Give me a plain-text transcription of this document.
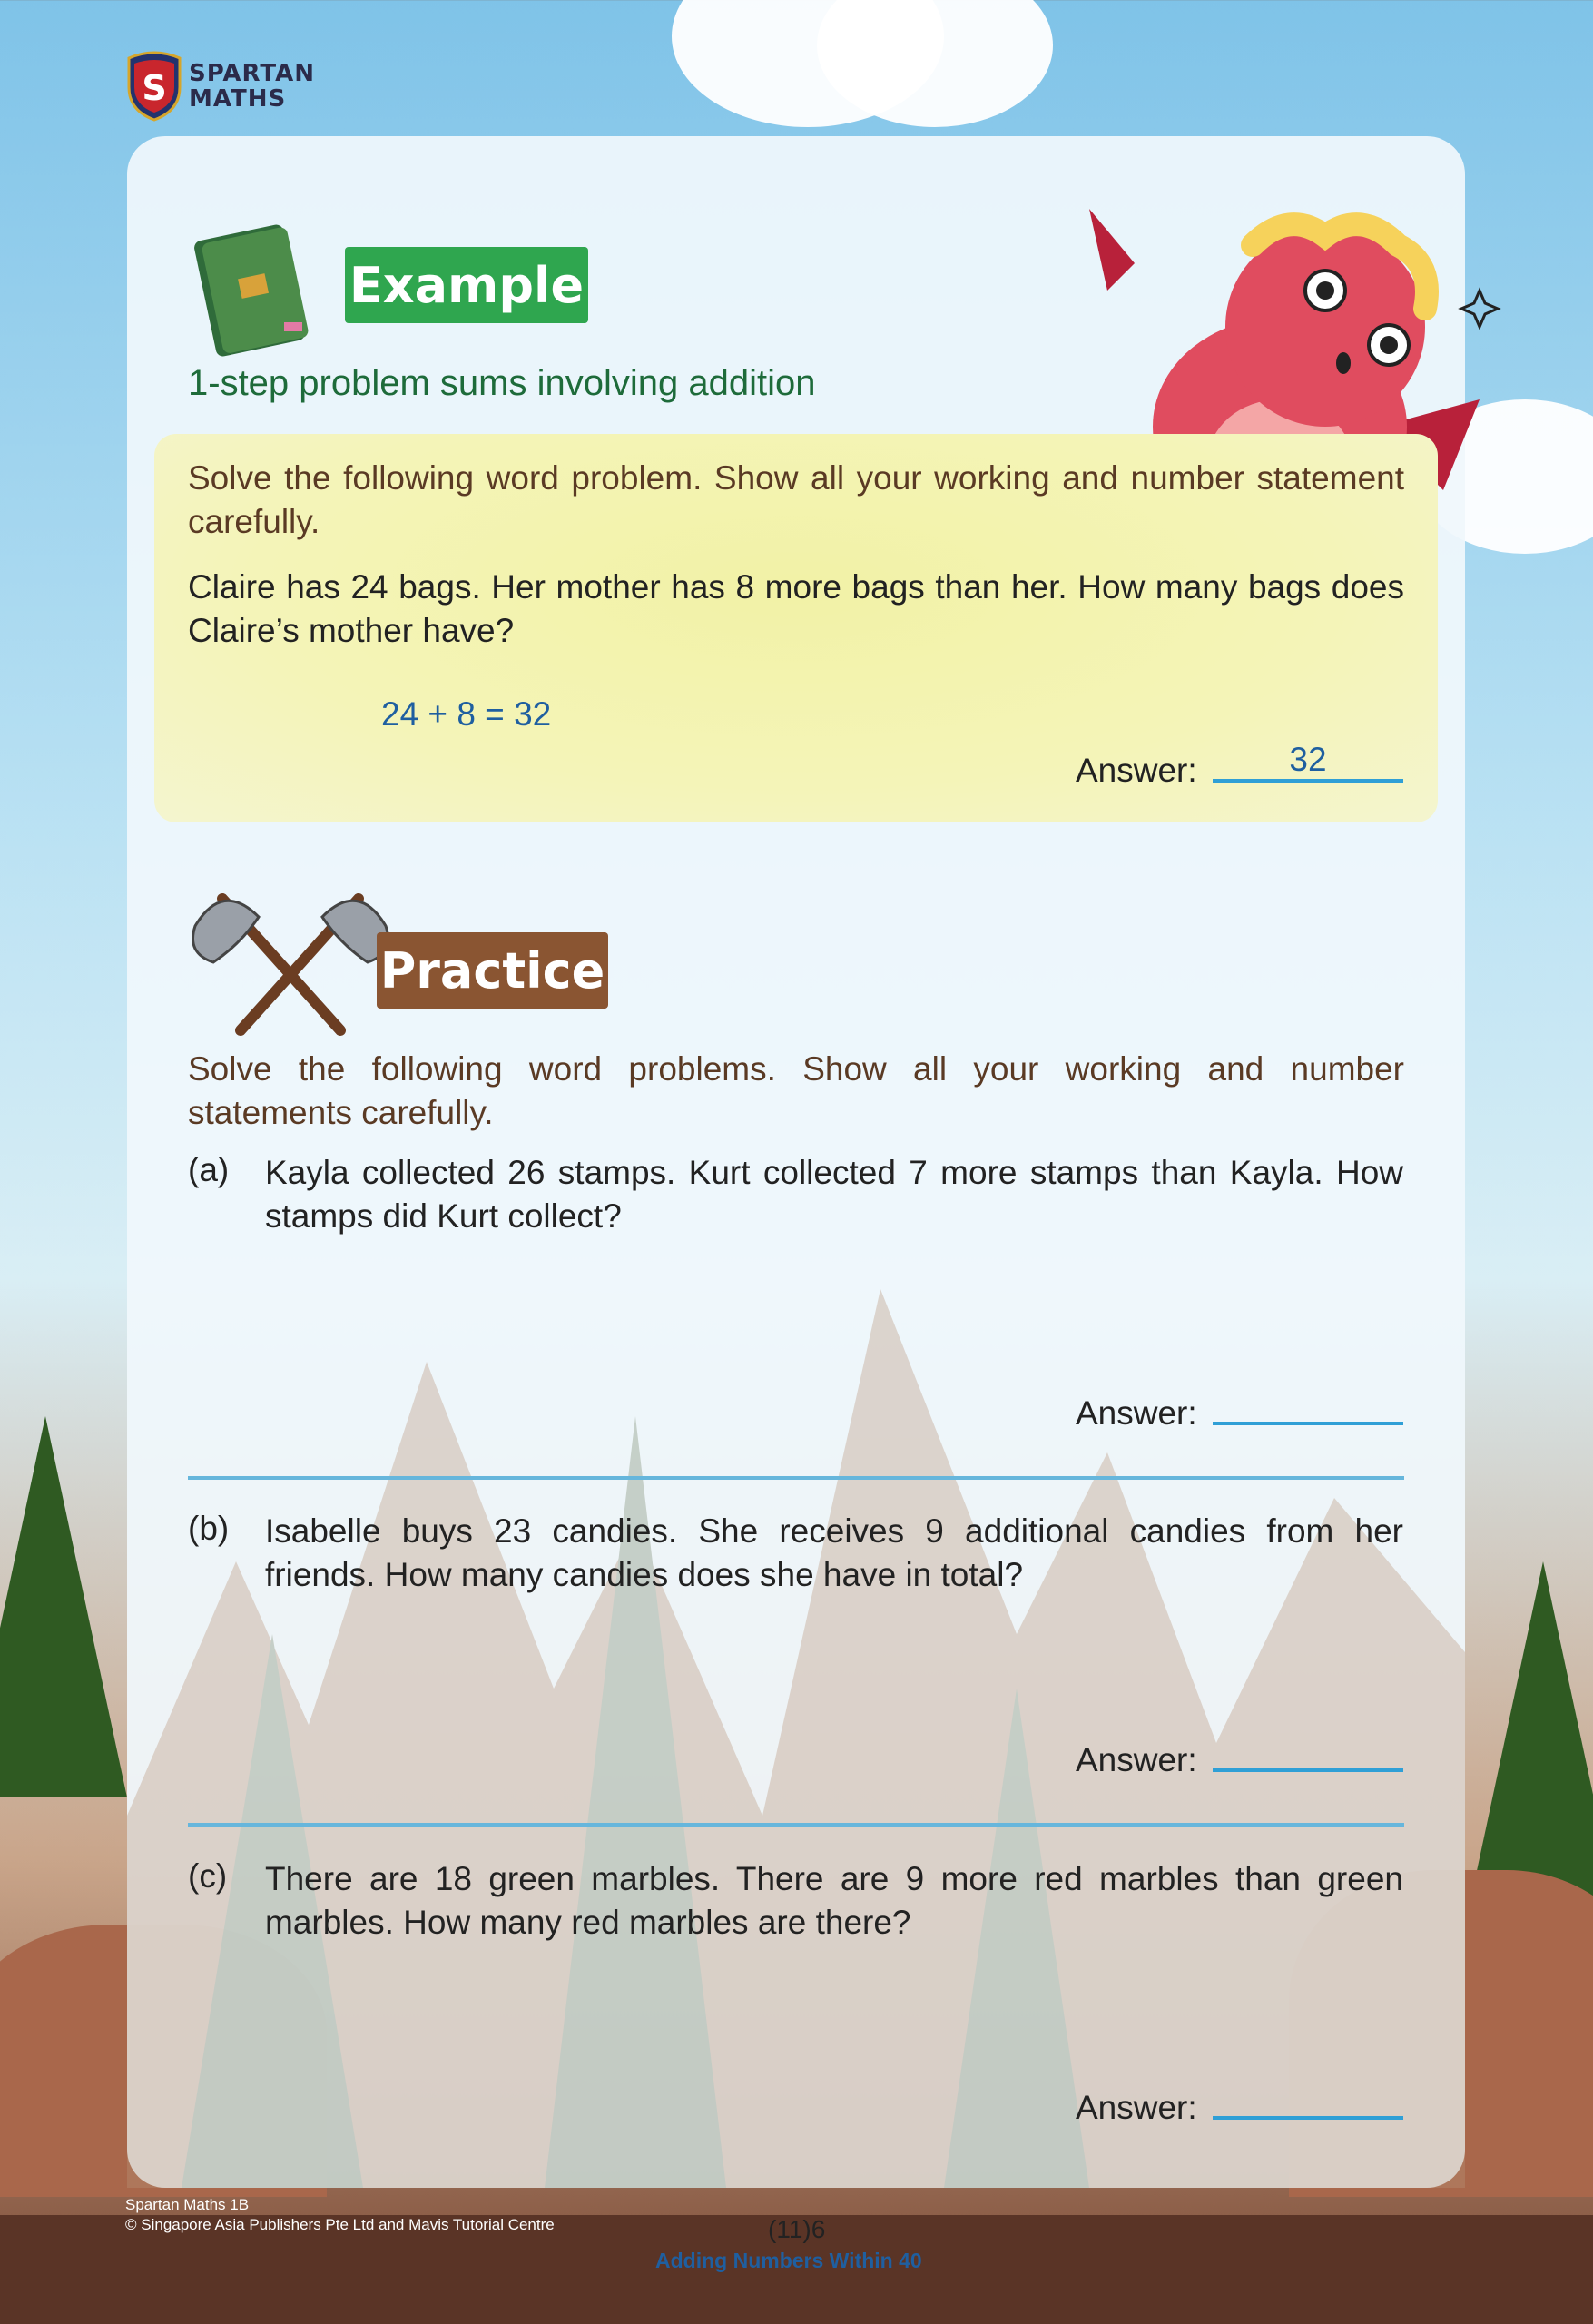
S SPARTAN
MATHS
Example
1-step problem sums involving addition
Solve the following word problem. Show all your working and number statement carefully.
Claire has 24 bags. Her mother has 8 more bags than her. How many bags does Claire’s mother have?
24 + 8 = 32
Answer:	32
Practice
Solve the following word problems. Show all your working and number statements carefully.
(a) Kayla collected 26 stamps. Kurt collected 7 more stamps than Kayla. How stamps did Kurt collect?
Answer:
(b) Isabelle buys 23 candies. She receives 9 additional candies from her friends. How many candies does she have in total?
Answer:
(c) There are 18 green marbles. There are 9 more red marbles than green marbles. How many red marbles are there?
Answer:
Spartan Maths 1B
© Singapore Asia Publishers Pte Ltd and Mavis Tutorial Centre	(11)6
Adding Numbers Within 40
